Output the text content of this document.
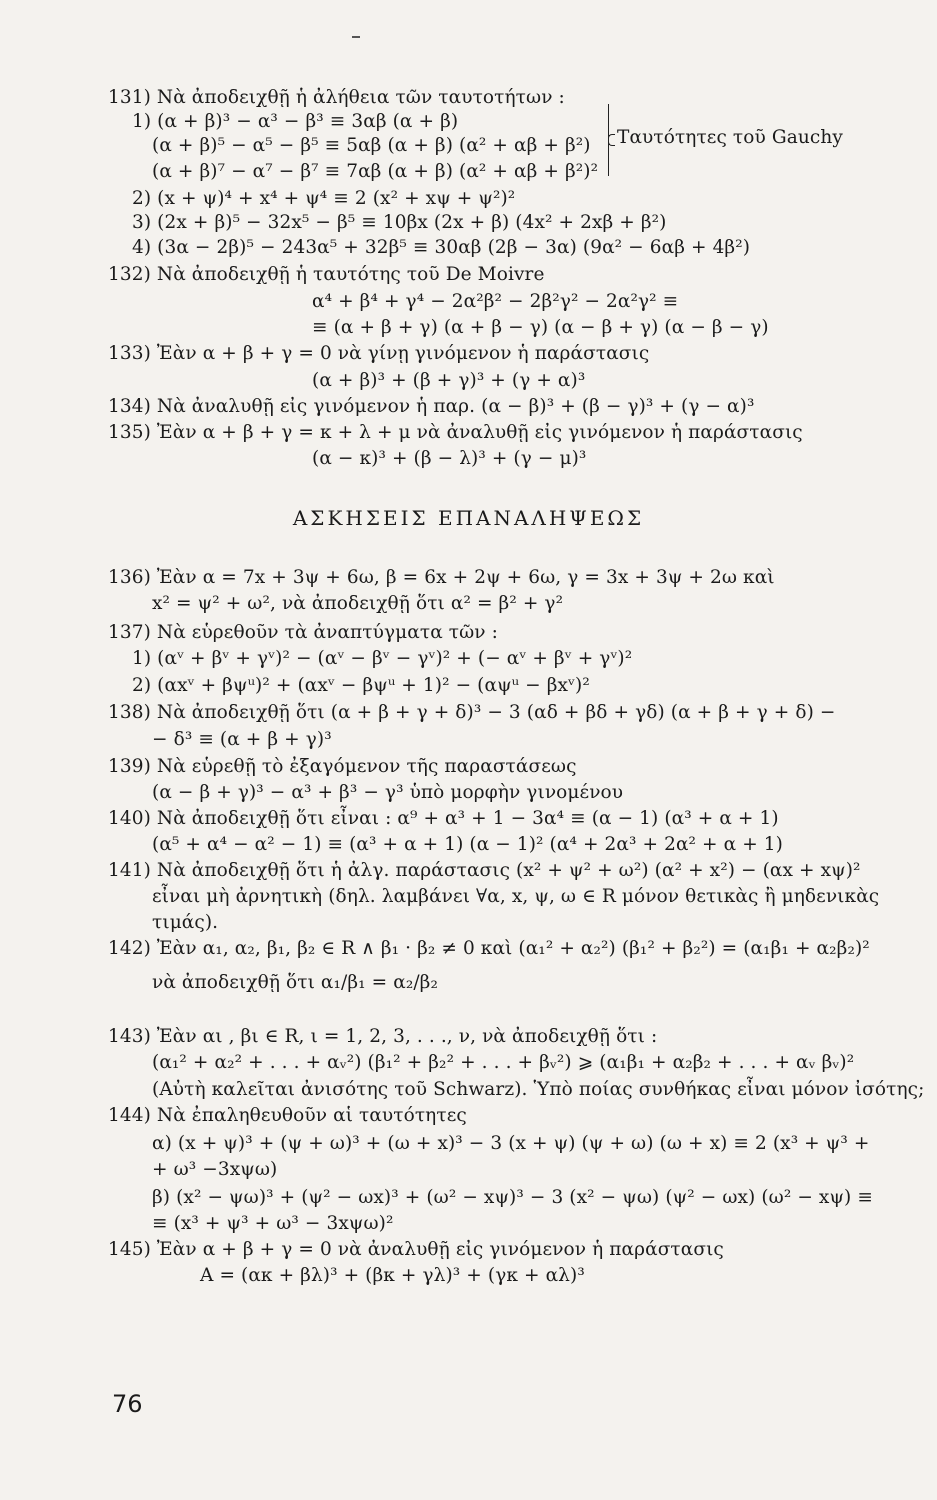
131) Νὰ ἀποδειχθῇ ἡ ἀλήθεια τῶν ταυτοτήτων :
1) (α + β)³ − α³ − β³ ≡ 3αβ (α + β)
(α + β)⁵ − α⁵ − β⁵ ≡ 5αβ (α + β) (α² + αβ + β²)
(α + β)⁷ − α⁷ − β⁷ ≡ 7αβ (α + β) (α² + αβ + β²)²
Ταυτότητες τοῦ Gauchy
2) (x + ψ)⁴ + x⁴ + ψ⁴ ≡ 2 (x² + xψ + ψ²)²
3) (2x + β)⁵ − 32x⁵ − β⁵ ≡ 10βx (2x + β) (4x² + 2xβ + β²)
4) (3α − 2β)⁵ − 243α⁵ + 32β⁵ ≡ 30αβ (2β − 3α) (9α² − 6αβ + 4β²)
132) Νὰ ἀποδειχθῇ ἡ ταυτότης τοῦ De Moivre
α⁴ + β⁴ + γ⁴ − 2α²β² − 2β²γ² − 2α²γ² ≡
≡ (α + β + γ) (α + β − γ) (α − β + γ) (α − β − γ)
133) Ἐὰν α + β + γ = 0 νὰ γίνῃ γινόμενον ἡ παράστασις
(α + β)³ + (β + γ)³ + (γ + α)³
134) Νὰ ἀναλυθῇ εἰς γινόμενον ἡ παρ. (α − β)³ + (β − γ)³ + (γ − α)³
135) Ἐὰν α + β + γ = κ + λ + μ νὰ ἀναλυθῇ εἰς γινόμενον ἡ παράστασις
(α − κ)³ + (β − λ)³ + (γ − μ)³
ΑΣΚΗΣΕΙΣ ΕΠΑΝΑΛΗΨΕΩΣ
136) Ἐὰν α = 7x + 3ψ + 6ω, β = 6x + 2ψ + 6ω, γ = 3x + 3ψ + 2ω καὶ
x² = ψ² + ω², νὰ ἀποδειχθῇ ὅτι α² = β² + γ²
137) Νὰ εὑρεθοῦν τὰ ἀναπτύγματα τῶν :
1) (αᵛ + βᵛ + γᵛ)² − (αᵛ − βᵛ − γᵛ)² + (− αᵛ + βᵛ + γᵛ)²
2) (αxᵛ + βψᵘ)² + (αxᵛ − βψᵘ + 1)² − (αψᵘ − βxᵛ)²
138) Νὰ ἀποδειχθῇ ὅτι (α + β + γ + δ)³ − 3 (αδ + βδ + γδ) (α + β + γ + δ) −
− δ³ ≡ (α + β + γ)³
139) Νὰ εὑρεθῇ τὸ ἐξαγόμενον τῆς παραστάσεως
(α − β + γ)³ − α³ + β³ − γ³ ὑπὸ μορφὴν γινομένου
140) Νὰ ἀποδειχθῇ ὅτι εἶναι : α⁹ + α³ + 1 − 3α⁴ ≡ (α − 1) (α³ + α + 1)
(α⁵ + α⁴ − α² − 1) ≡ (α³ + α + 1) (α − 1)² (α⁴ + 2α³ + 2α² + α + 1)
141) Νὰ ἀποδειχθῇ ὅτι ἡ ἀλγ. παράστασις (x² + ψ² + ω²) (α² + x²) − (αx + xψ)²
εἶναι μὴ ἀρνητικὴ (δηλ. λαμβάνει ∀α, x, ψ, ω ∈ R μόνον θετικὰς ἢ μηδενικὰς
τιμάς).
142) Ἐὰν α₁, α₂, β₁, β₂ ∈ R ∧ β₁ · β₂ ≠ 0 καὶ (α₁² + α₂²) (β₁² + β₂²) = (α₁β₁ + α₂β₂)²
νὰ ἀποδειχθῇ ὅτι α₁/β₁ = α₂/β₂
143) Ἐὰν αι , βι ∈ R, ι = 1, 2, 3, . . ., ν, νὰ ἀποδειχθῇ ὅτι :
(α₁² + α₂² + . . . + αᵥ²) (β₁² + β₂² + . . . + βᵥ²) ⩾ (α₁β₁ + α₂β₂ + . . . + αᵥ βᵥ)²
(Αὐτὴ καλεῖται ἀνισότης τοῦ Schwarz). Ὑπὸ ποίας συνθήκας εἶναι μόνον ἰσότης;
144) Νὰ ἐπαληθευθοῦν αἱ ταυτότητες
α) (x + ψ)³ + (ψ + ω)³ + (ω + x)³ − 3 (x + ψ) (ψ + ω) (ω + x) ≡ 2 (x³ + ψ³ +
+ ω³ −3xψω)
β) (x² − ψω)³ + (ψ² − ωx)³ + (ω² − xψ)³ − 3 (x² − ψω) (ψ² − ωx) (ω² − xψ) ≡
≡ (x³ + ψ³ + ω³ − 3xψω)²
145) Ἐὰν α + β + γ = 0 νὰ ἀναλυθῇ εἰς γινόμενον ἡ παράστασις
Α = (ακ + βλ)³ + (βκ + γλ)³ + (γκ + αλ)³
76
